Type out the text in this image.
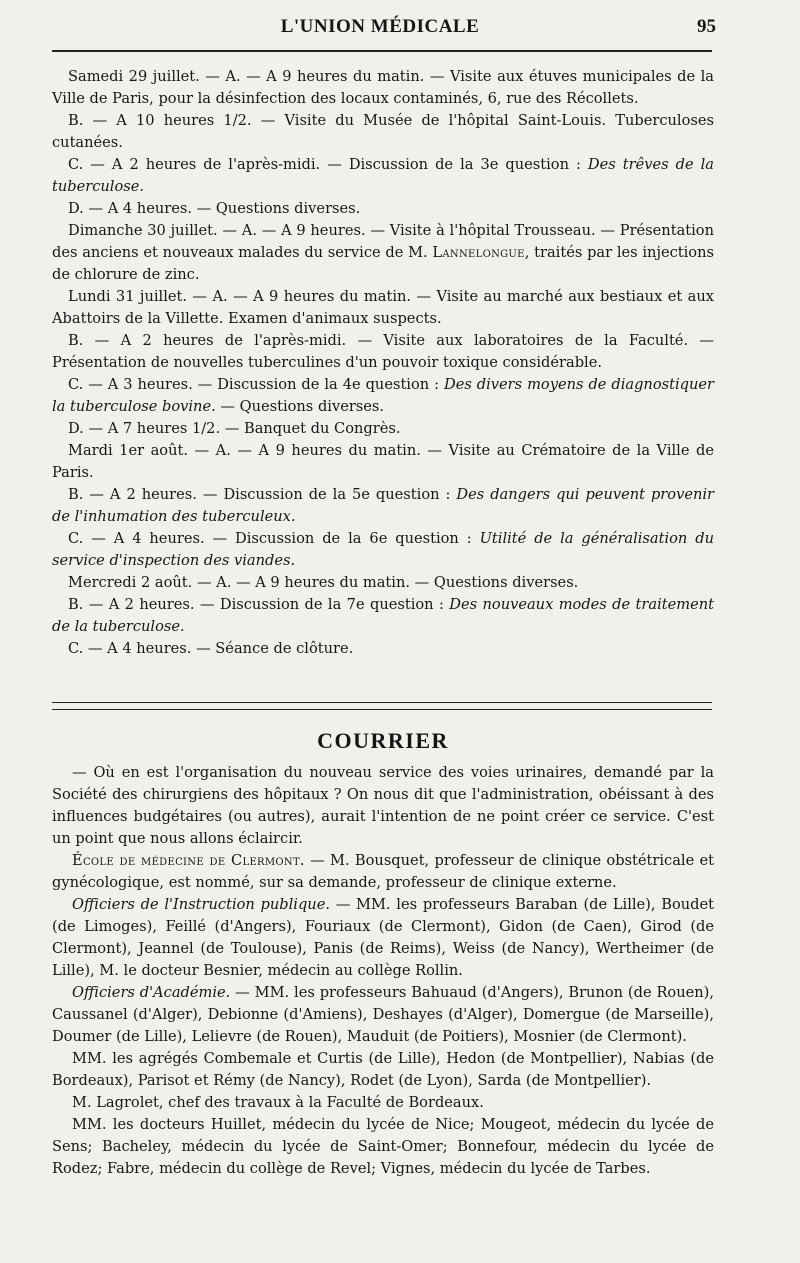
L'UNION MÉDICALE	95

Samedi 29 juillet. — A. — A 9 heures du matin. — Visite aux étuves municipales de la Ville de Paris, pour la désinfection des locaux contaminés, 6, rue des Récollets.

B. — A 10 heures 1/2. — Visite du Musée de l'hôpital Saint-Louis. Tuberculoses cutanées.

C. — A 2 heures de l'après-midi. — Discussion de la 3e question : Des trêves de la tuberculose.

D. — A 4 heures. — Questions diverses.

Dimanche 30 juillet. — A. — A 9 heures. — Visite à l'hôpital Trousseau. — Présentation des anciens et nouveaux malades du service de M. Lannelongue, traités par les injections de chlorure de zinc.

Lundi 31 juillet. — A. — A 9 heures du matin. — Visite au marché aux bestiaux et aux Abattoirs de la Villette. Examen d'animaux suspects.

B. — A 2 heures de l'après-midi. — Visite aux laboratoires de la Faculté. — Présentation de nouvelles tuberculines d'un pouvoir toxique considérable.

C. — A 3 heures. — Discussion de la 4e question : Des divers moyens de diagnostiquer la tuberculose bovine. — Questions diverses.

D. — A 7 heures 1/2. — Banquet du Congrès.

Mardi 1er août. — A. — A 9 heures du matin. — Visite au Crématoire de la Ville de Paris.

B. — A 2 heures. — Discussion de la 5e question : Des dangers qui peuvent provenir de l'inhumation des tuberculeux.

C. — A 4 heures. — Discussion de la 6e question : Utilité de la généralisation du service d'inspection des viandes.

Mercredi 2 août. — A. — A 9 heures du matin. — Questions diverses.

B. — A 2 heures. — Discussion de la 7e question : Des nouveaux modes de traitement de la tuberculose.

C. — A 4 heures. — Séance de clôture.

COURRIER

— Où en est l'organisation du nouveau service des voies urinaires, demandé par la Société des chirurgiens des hôpitaux ? On nous dit que l'administration, obéissant à des influences budgétaires (ou autres), aurait l'intention de ne point créer ce service. C'est un point que nous allons éclaircir.

École de médecine de Clermont. — M. Bousquet, professeur de clinique obstétricale et gynécologique, est nommé, sur sa demande, professeur de clinique externe.

Officiers de l'Instruction publique. — MM. les professeurs Baraban (de Lille), Boudet (de Limoges), Feillé (d'Angers), Fouriaux (de Clermont), Gidon (de Caen), Girod (de Clermont), Jeannel (de Toulouse), Panis (de Reims), Weiss (de Nancy), Wertheimer (de Lille), M. le docteur Besnier, médecin au collège Rollin.

Officiers d'Académie. — MM. les professeurs Bahuaud (d'Angers), Brunon (de Rouen), Caussanel (d'Alger), Debionne (d'Amiens), Deshayes (d'Alger), Domergue (de Marseille), Doumer (de Lille), Lelievre (de Rouen), Mauduit (de Poitiers), Mosnier (de Clermont).

MM. les agrégés Combemale et Curtis (de Lille), Hedon (de Montpellier), Nabias (de Bordeaux), Parisot et Rémy (de Nancy), Rodet (de Lyon), Sarda (de Montpellier).

M. Lagrolet, chef des travaux à la Faculté de Bordeaux.

MM. les docteurs Huillet, médecin du lycée de Nice; Mougeot, médecin du lycée de Sens; Bacheley, médecin du lycée de Saint-Omer; Bonnefour, médecin du lycée de Rodez; Fabre, médecin du collège de Revel; Vignes, médecin du lycée de Tarbes.
